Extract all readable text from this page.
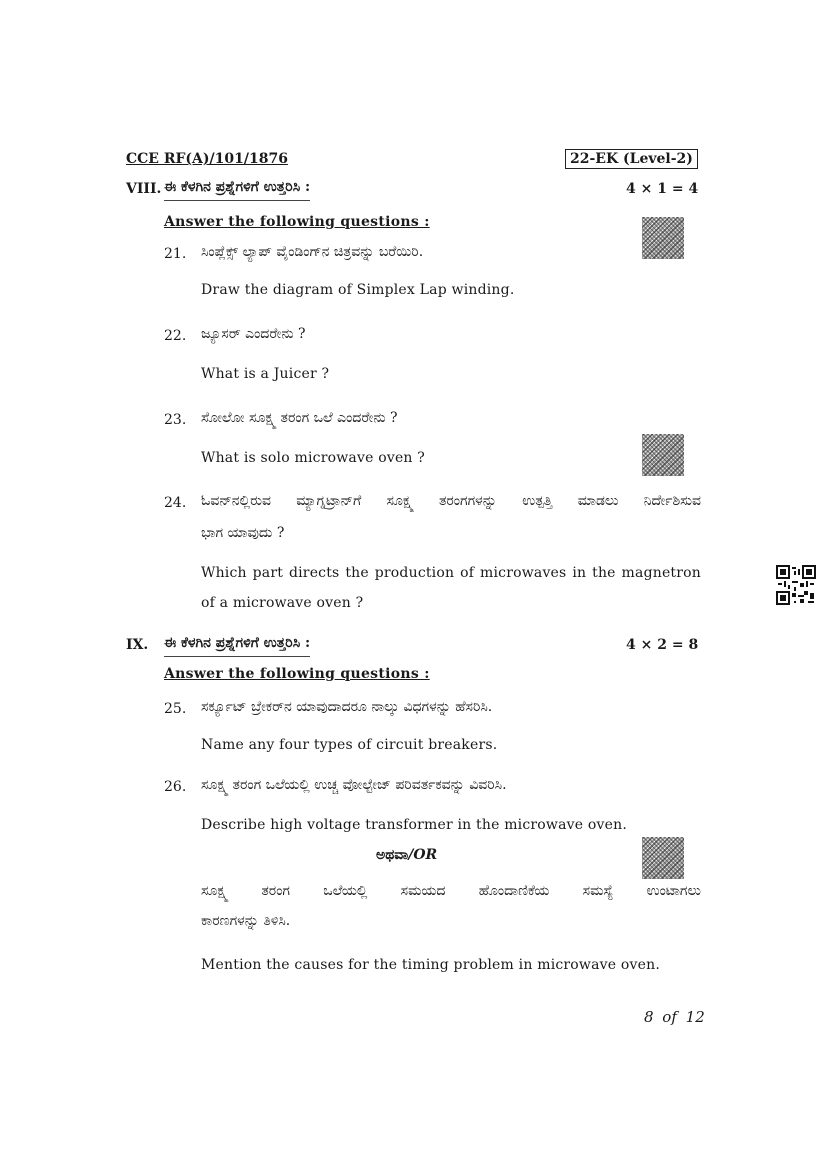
CCE RF(A)/101/1876	22-EK (Level-2)
VIII. ಈ ಕೆಳಗಿನ ಪ್ರಶ್ನೆಗಳಿಗೆ ಉತ್ತರಿಸಿ :	4 × 1 = 4
Answer the following questions :
21. ಸಿಂಪ್ಲೆಕ್ಸ್ ಲ್ಯಾಪ್ ವೈಂಡಿಂಗ್‌ನ ಚಿತ್ರವನ್ನು ಬರೆಯಿರಿ.
Draw the diagram of Simplex Lap winding.
22. ಜ್ಯೂಸರ್ ಎಂದರೇನು ?
What is a Juicer ?
23. ಸೋಲೋ ಸೂಕ್ಷ್ಮ ತರಂಗ ಒಲೆ ಎಂದರೇನು ?
What is solo microwave oven ?
24. ಓವನ್‌ನಲ್ಲಿರುವ ಮ್ಯಾಗ್ನಟ್ರಾನ್‌ಗೆ ಸೂಕ್ಷ್ಮ ತರಂಗಗಳನ್ನು ಉತ್ಪತ್ತಿ ಮಾಡಲು ನಿರ್ದೇಶಿಸುವ
ಭಾಗ ಯಾವುದು ?
Which part directs the production of microwaves in the magnetron
of a microwave oven ?
IX. ಈ ಕೆಳಗಿನ ಪ್ರಶ್ನೆಗಳಿಗೆ ಉತ್ತರಿಸಿ :	4 × 2 = 8
Answer the following questions :
25. ಸರ್ಕ್ಯೂಟ್ ಬ್ರೇಕರ್‌ನ ಯಾವುದಾದರೂ ನಾಲ್ಕು ವಿಧಗಳನ್ನು ಹೆಸರಿಸಿ.
Name any four types of circuit breakers.
26. ಸೂಕ್ಷ್ಮ ತರಂಗ ಒಲೆಯಲ್ಲಿ ಉಚ್ಚ ವೋಲ್ಟೇಜ್ ಪರಿವರ್ತಕವನ್ನು ವಿವರಿಸಿ.
Describe high voltage transformer in the microwave oven.
ಅಥವಾ/OR
ಸೂಕ್ಷ್ಮ ತರಂಗ ಒಲೆಯಲ್ಲಿ ಸಮಯದ ಹೊಂದಾಣಿಕೆಯ ಸಮಸ್ಯೆ ಉಂಟಾಗಲು
ಕಾರಣಗಳನ್ನು ತಿಳಿಸಿ.
Mention the causes for the timing problem in microwave oven.
8 of 12
